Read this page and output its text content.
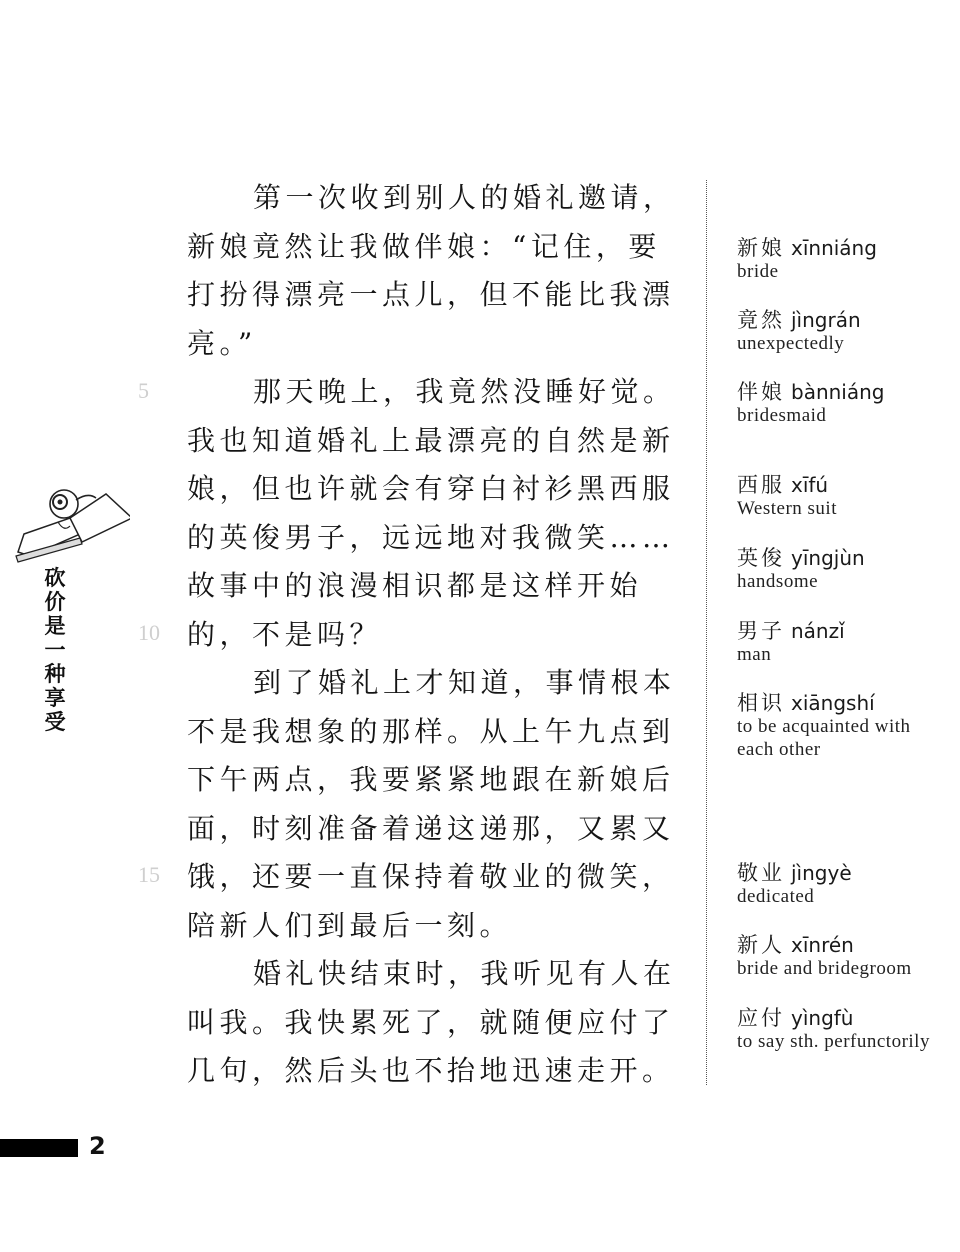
砍
价
是
一
种
享
受
5
10
15
第一次收到别人的婚礼邀请，
新娘竟然让我做伴娘：“记住，要
打扮得漂亮一点儿，但不能比我漂
亮。”
那天晚上，我竟然没睡好觉。
我也知道婚礼上最漂亮的自然是新
娘，但也许就会有穿白衬衫黑西服
的英俊男子，远远地对我微笑……
故事中的浪漫相识都是这样开始
的，不是吗？
到了婚礼上才知道，事情根本
不是我想象的那样。从上午九点到
下午两点，我要紧紧地跟在新娘后
面，时刻准备着递这递那，又累又
饿，还要一直保持着敬业的微笑，
陪新人们到最后一刻。
婚礼快结束时，我听见有人在
叫我。我快累死了，就随便应付了
几句，然后头也不抬地迅速走开。
新娘 xīnniáng
bride
竟然 jìngrán
unexpectedly
伴娘 bànniáng
bridesmaid
西服 xīfú
Western suit
英俊 yīngjùn
handsome
男子 nánzǐ
man
相识 xiāngshí
to be acquainted with
each other
敬业 jìngyè
dedicated
新人 xīnrén
bride and bridegroom
应付 yìngfù
to say sth. perfunctorily
2
